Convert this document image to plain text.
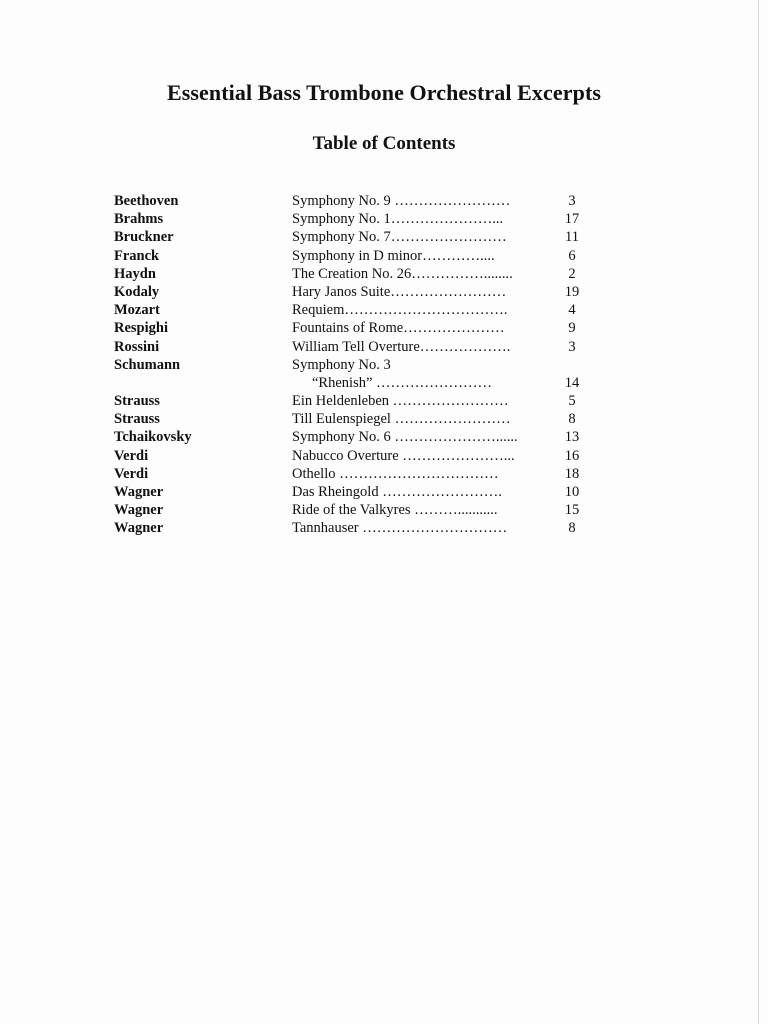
Essential Bass Trombone Orchestral Excerpts
Table of Contents
Beethoven	Symphony No. 9 ……………………	3
Brahms	Symphony No. 1…………………...	17
Bruckner	Symphony No. 7……………………	11
Franck	Symphony in D minor…………....	6
Haydn	The Creation No. 26……………........	2
Kodaly	Hary Janos Suite……………………	19
Mozart	Requiem…………………………….	4
Respighi	Fountains of Rome…………………	9
Rossini	William Tell Overture……………….	3
Schumann	Symphony No. 3
“Rhenish” ……………………	14
Strauss	Ein Heldenleben ……………………	5
Strauss	Till Eulenspiegel ……………………	8
Tchaikovsky	Symphony No. 6 …………………......	13
Verdi	Nabucco Overture …………………...	16
Verdi	Othello ……………………………	18
Wagner	Das Rheingold …………………….	10
Wagner	Ride of the Valkyres ………...........	15
Wagner	Tannhauser …………………………	8
